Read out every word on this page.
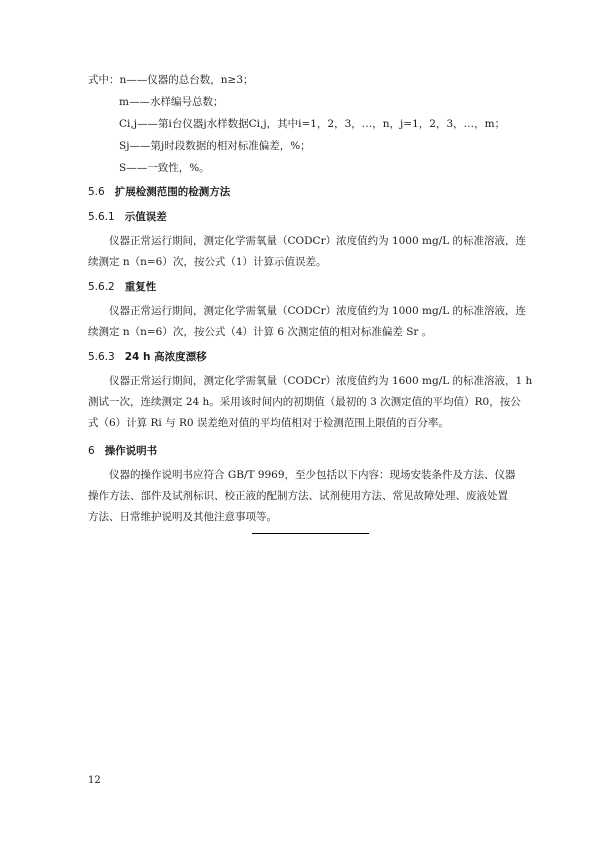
式中：n——仪器的总台数，n≥3；
m——水样编号总数；
Ci,j——第i台仪器j水样数据Ci,j，其中i=1，2，3，…，n，j=1，2，3，…，m；
Sj——第j时段数据的相对标准偏差，%；
S——一致性，%。
5.6 扩展检测范围的检测方法
5.6.1 示值误差
仪器正常运行期间，测定化学需氧量（CODCr）浓度值约为 1000 mg/L 的标准溶液，连
续测定 n（n=6）次，按公式（1）计算示值误差。
5.6.2 重复性
仪器正常运行期间，测定化学需氧量（CODCr）浓度值约为 1000 mg/L 的标准溶液，连
续测定 n（n=6）次，按公式（4）计算 6 次测定值的相对标准偏差 Sr 。
5.6.3 24 h 高浓度漂移
仪器正常运行期间，测定化学需氧量（CODCr）浓度值约为 1600 mg/L 的标准溶液，1 h
测试一次，连续测定 24 h。采用该时间内的初期值（最初的 3 次测定值的平均值）R0，按公
式（6）计算 Ri 与 R0 误差绝对值的平均值相对于检测范围上限值的百分率。
6 操作说明书
仪器的操作说明书应符合 GB/T 9969，至少包括以下内容：现场安装条件及方法、仪器
操作方法、部件及试剂标识、校正液的配制方法、试剂使用方法、常见故障处理、废液处置
方法、日常维护说明及其他注意事项等。
12
